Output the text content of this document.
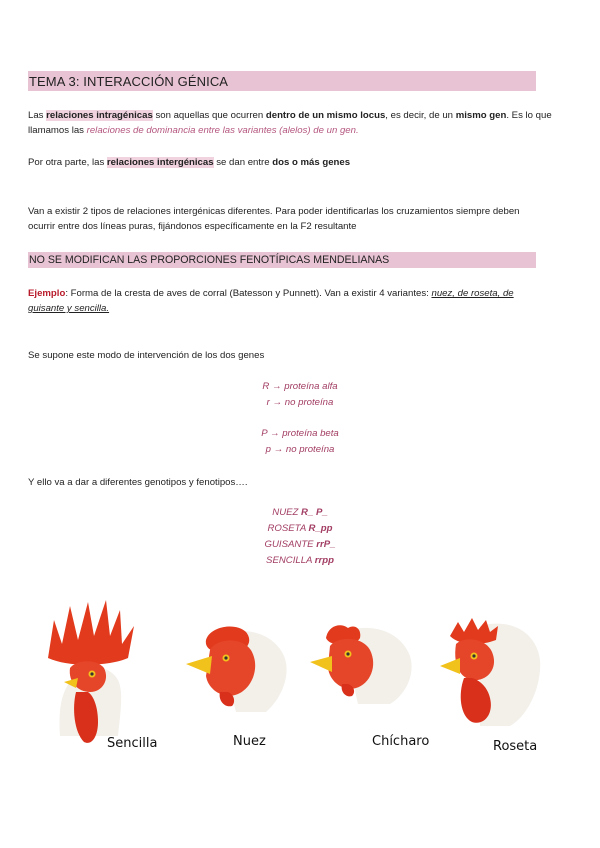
TEMA 3: INTERACCIÓN GÉNICA
Las relaciones intragénicas son aquellas que ocurren dentro de un mismo locus, es decir, de un mismo gen. Es lo que
llamamos las relaciones de dominancia entre las variantes (alelos) de un gen.
Por otra parte, las relaciones intergénicas se dan entre dos o más genes
Van a existir 2 tipos de relaciones intergénicas diferentes. Para poder identificarlas los cruzamientos siempre deben
ocurrir entre dos líneas puras, fijándonos específicamente en la F2 resultante
NO SE MODIFICAN LAS PROPORCIONES FENOTÍPICAS MENDELIANAS
Ejemplo: Forma de la cresta de aves de corral (Batesson y Punnett). Van a existir 4 variantes: nuez, de roseta, de
guisante y sencilla.
Se supone este modo de intervención de los dos genes
R → proteína alfa
r → no proteína
P → proteína beta
p → no proteína
Y ello va a dar a diferentes genotipos y fenotipos….
NUEZ R_ P_
ROSETA R_pp
GUISANTE rrP_
SENCILLA rrpp
Sencilla	Nuez	Chícharo	Roseta
